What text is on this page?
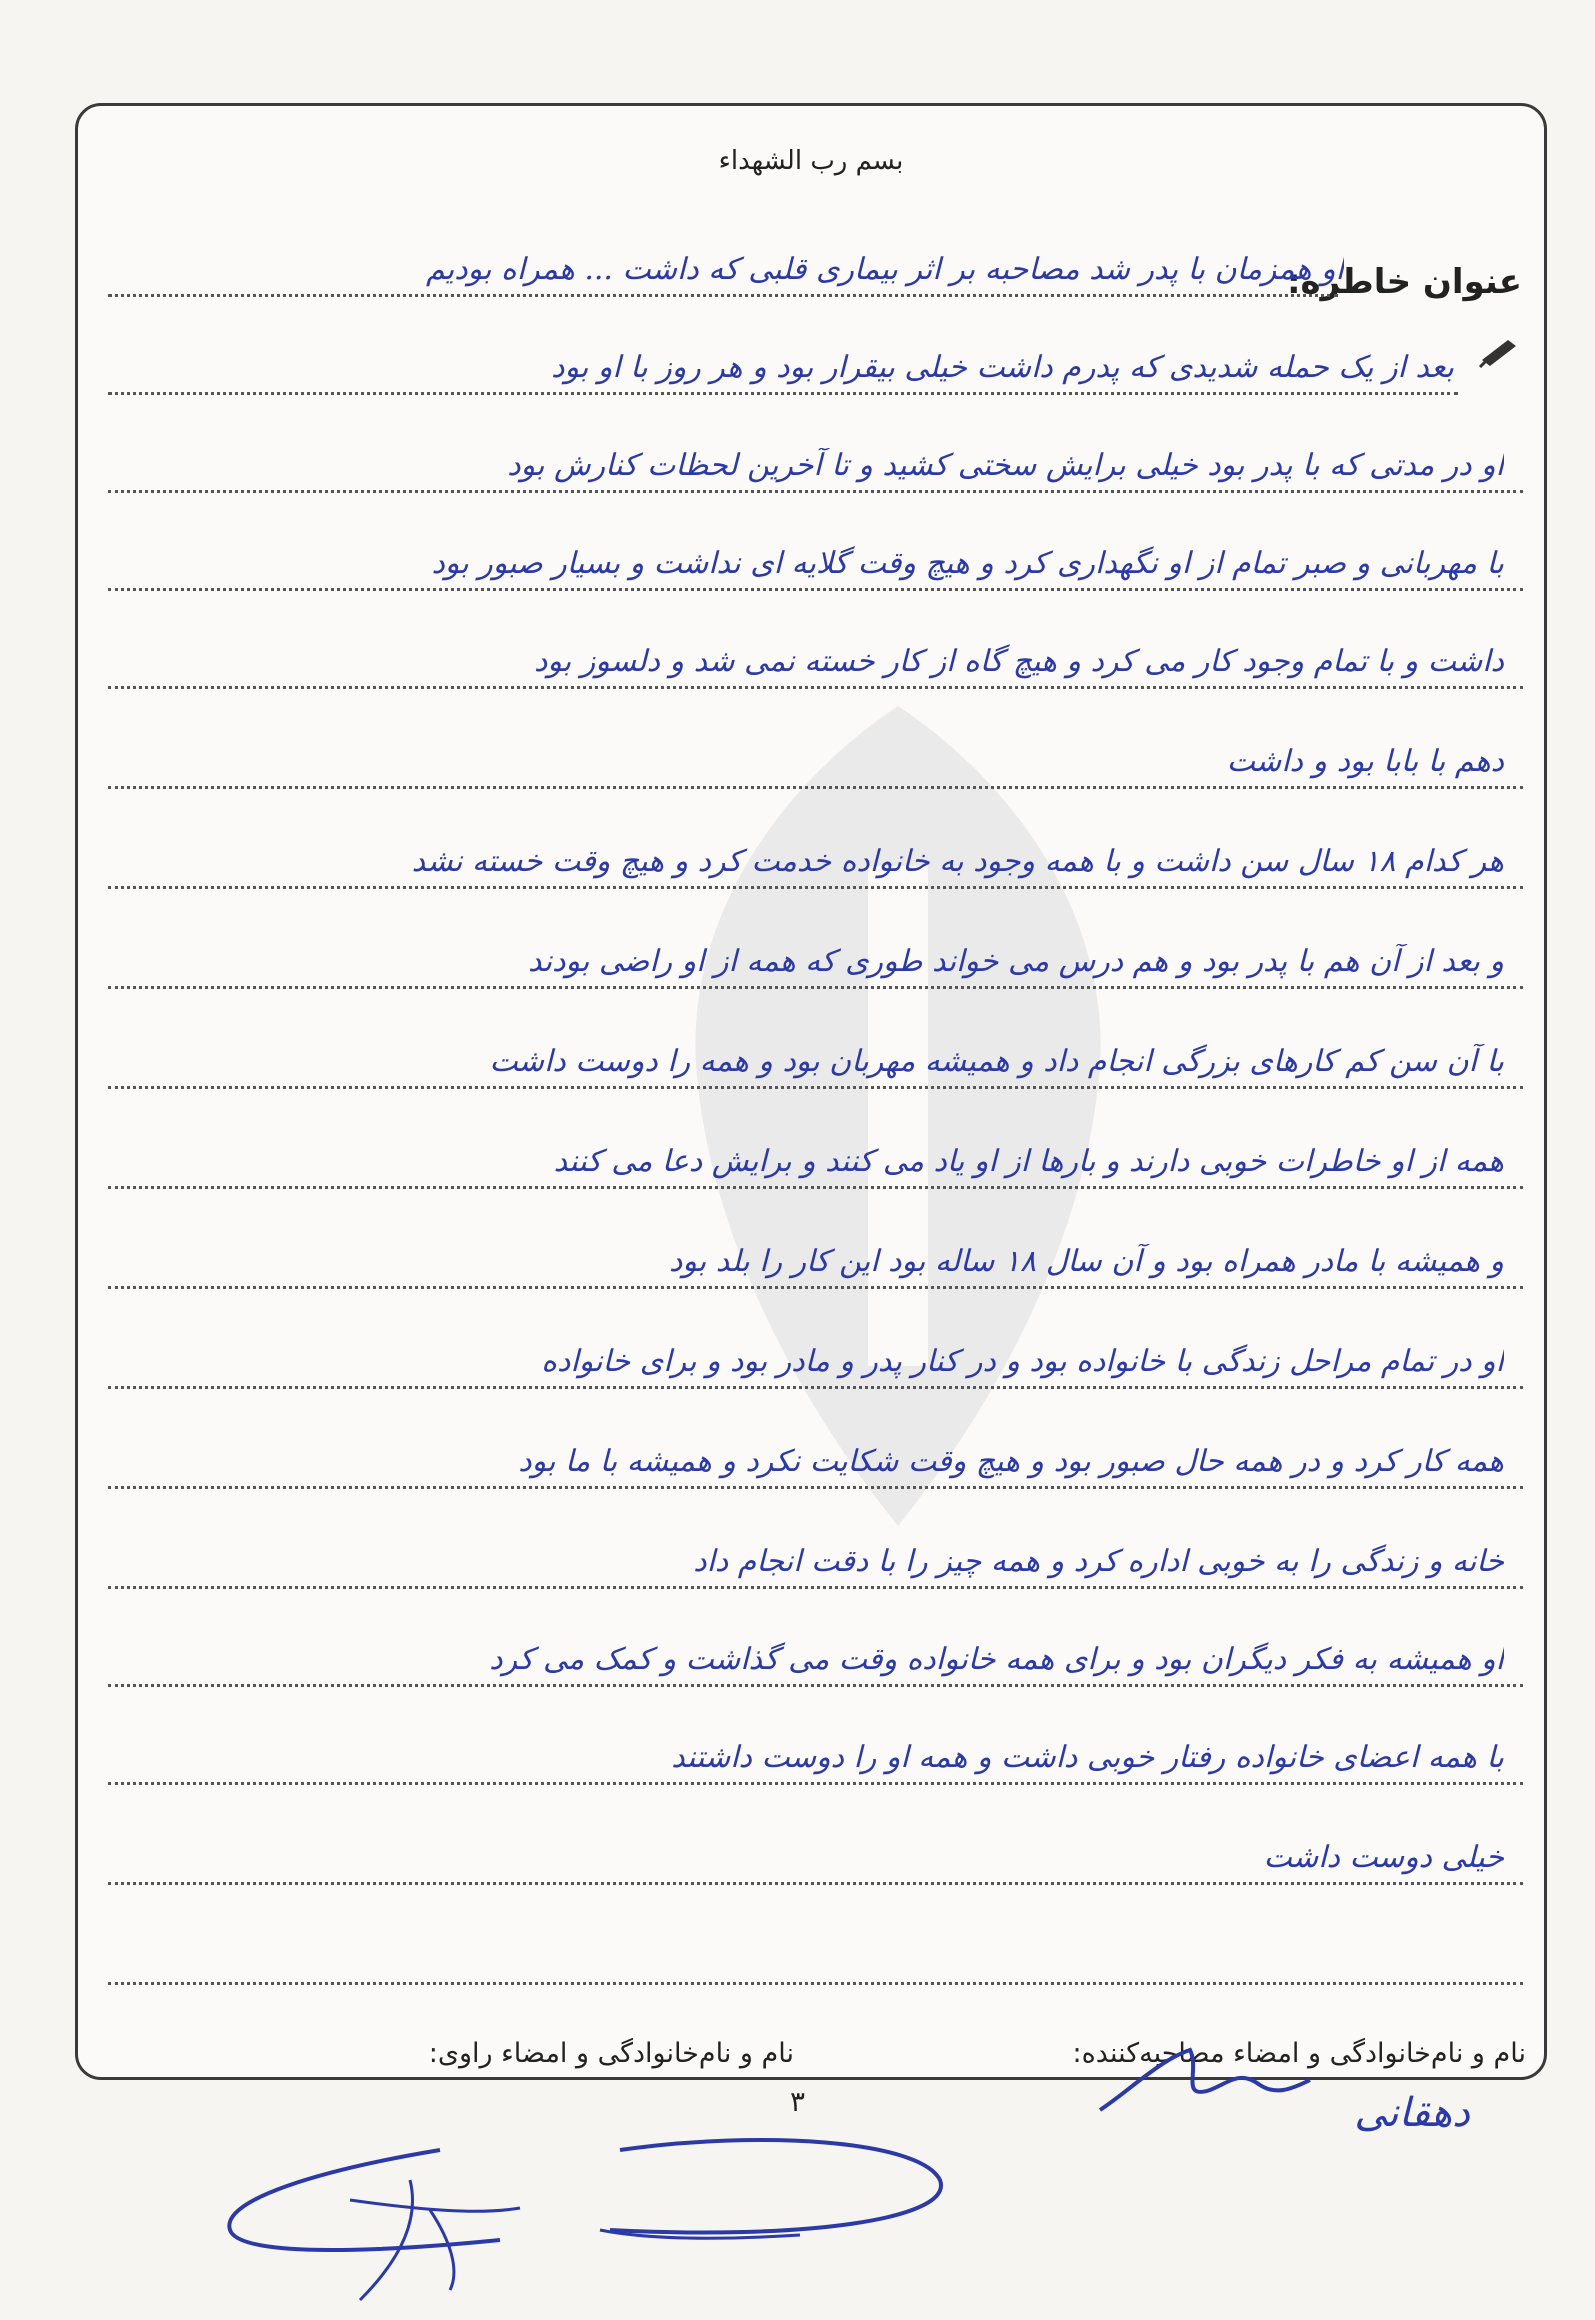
بسم رب الشهداء
عنوان خاطره:
او همزمان با پدر شد مصاحبه بر اثر بیماری قلبی که داشت ... همراه بودیم
بعد از یک حمله شدیدی که پدرم داشت خیلی بیقرار بود و هر روز با او بود
او در مدتی که با پدر بود خیلی برایش سختی کشید و تا آخرین لحظات کنارش بود
با مهربانی و صبر تمام از او نگهداری کرد و هیچ وقت گلایه ای نداشت و بسیار صبور بود
داشت و با تمام وجود کار می کرد و هیچ گاه از کار خسته نمی شد و دلسوز بود
دهم با بابا بود و داشت
هر کدام ۱۸ سال سن داشت و با همه وجود به خانواده خدمت کرد و هیچ وقت خسته نشد
و بعد از آن هم با پدر بود و هم درس می خواند طوری که همه از او راضی بودند
با آن سن کم کارهای بزرگی انجام داد و همیشه مهربان بود و همه را دوست داشت
همه از او خاطرات خوبی دارند و بارها از او یاد می کنند و برایش دعا می کنند
و همیشه با مادر همراه بود و آن سال ۱۸ ساله بود این کار را بلد بود
او در تمام مراحل زندگی با خانواده بود و در کنار پدر و مادر بود و برای خانواده
همه کار کرد و در همه حال صبور بود و هیچ وقت شکایت نکرد و همیشه با ما بود
خانه و زندگی را به خوبی اداره کرد و همه چیز را با دقت انجام داد
او همیشه به فکر دیگران بود و برای همه خانواده وقت می گذاشت و کمک می کرد
با همه اعضای خانواده رفتار خوبی داشت و همه او را دوست داشتند
خیلی دوست داشت
نام و نام‌خانوادگی و امضاء مصاحبه‌کننده:
نام و نام‌خانوادگی و امضاء راوی:
دهقانی
۳
